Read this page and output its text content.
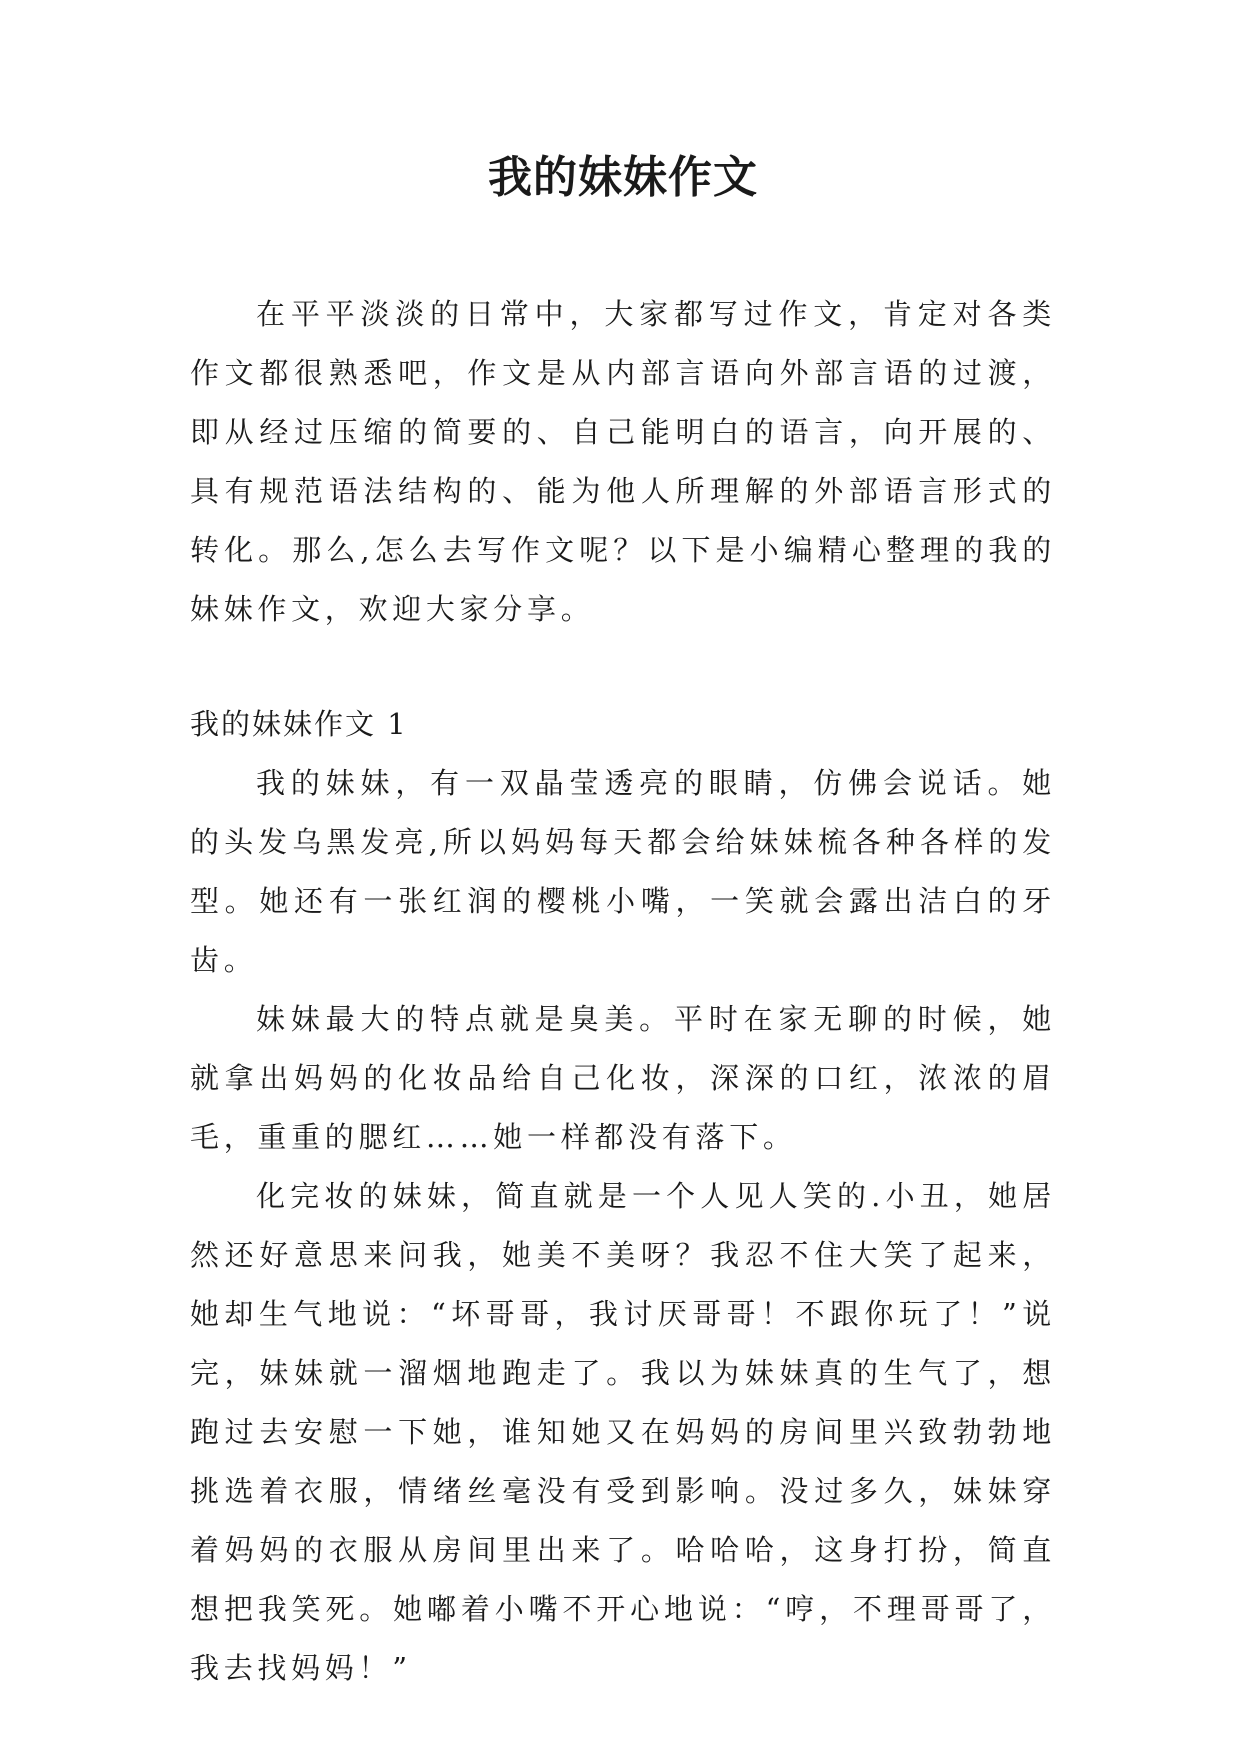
我的妹妹作文

在平平淡淡的日常中，大家都写过作文，肯定对各类作文都很熟悉吧，作文是从内部言语向外部言语的过渡，即从经过压缩的简要的、自己能明白的语言，向开展的、具有规范语法结构的、能为他人所理解的外部语言形式的转化。那么,怎么去写作文呢？以下是小编精心整理的我的妹妹作文，欢迎大家分享。

我的妹妹作文 1

我的妹妹，有一双晶莹透亮的眼睛，仿佛会说话。她的头发乌黑发亮,所以妈妈每天都会给妹妹梳各种各样的发型。她还有一张红润的樱桃小嘴，一笑就会露出洁白的牙齿。

妹妹最大的特点就是臭美。平时在家无聊的时候，她就拿出妈妈的化妆品给自己化妆，深深的口红，浓浓的眉毛，重重的腮红……她一样都没有落下。

化完妆的妹妹，简直就是一个人见人笑的.小丑，她居然还好意思来问我，她美不美呀？我忍不住大笑了起来，她却生气地说：“坏哥哥，我讨厌哥哥！不跟你玩了！”说完，妹妹就一溜烟地跑走了。我以为妹妹真的生气了，想跑过去安慰一下她，谁知她又在妈妈的房间里兴致勃勃地挑选着衣服，情绪丝毫没有受到影响。没过多久，妹妹穿着妈妈的衣服从房间里出来了。哈哈哈，这身打扮，简直想把我笑死。她嘟着小嘴不开心地说：“哼，不理哥哥了，我去找妈妈！”
